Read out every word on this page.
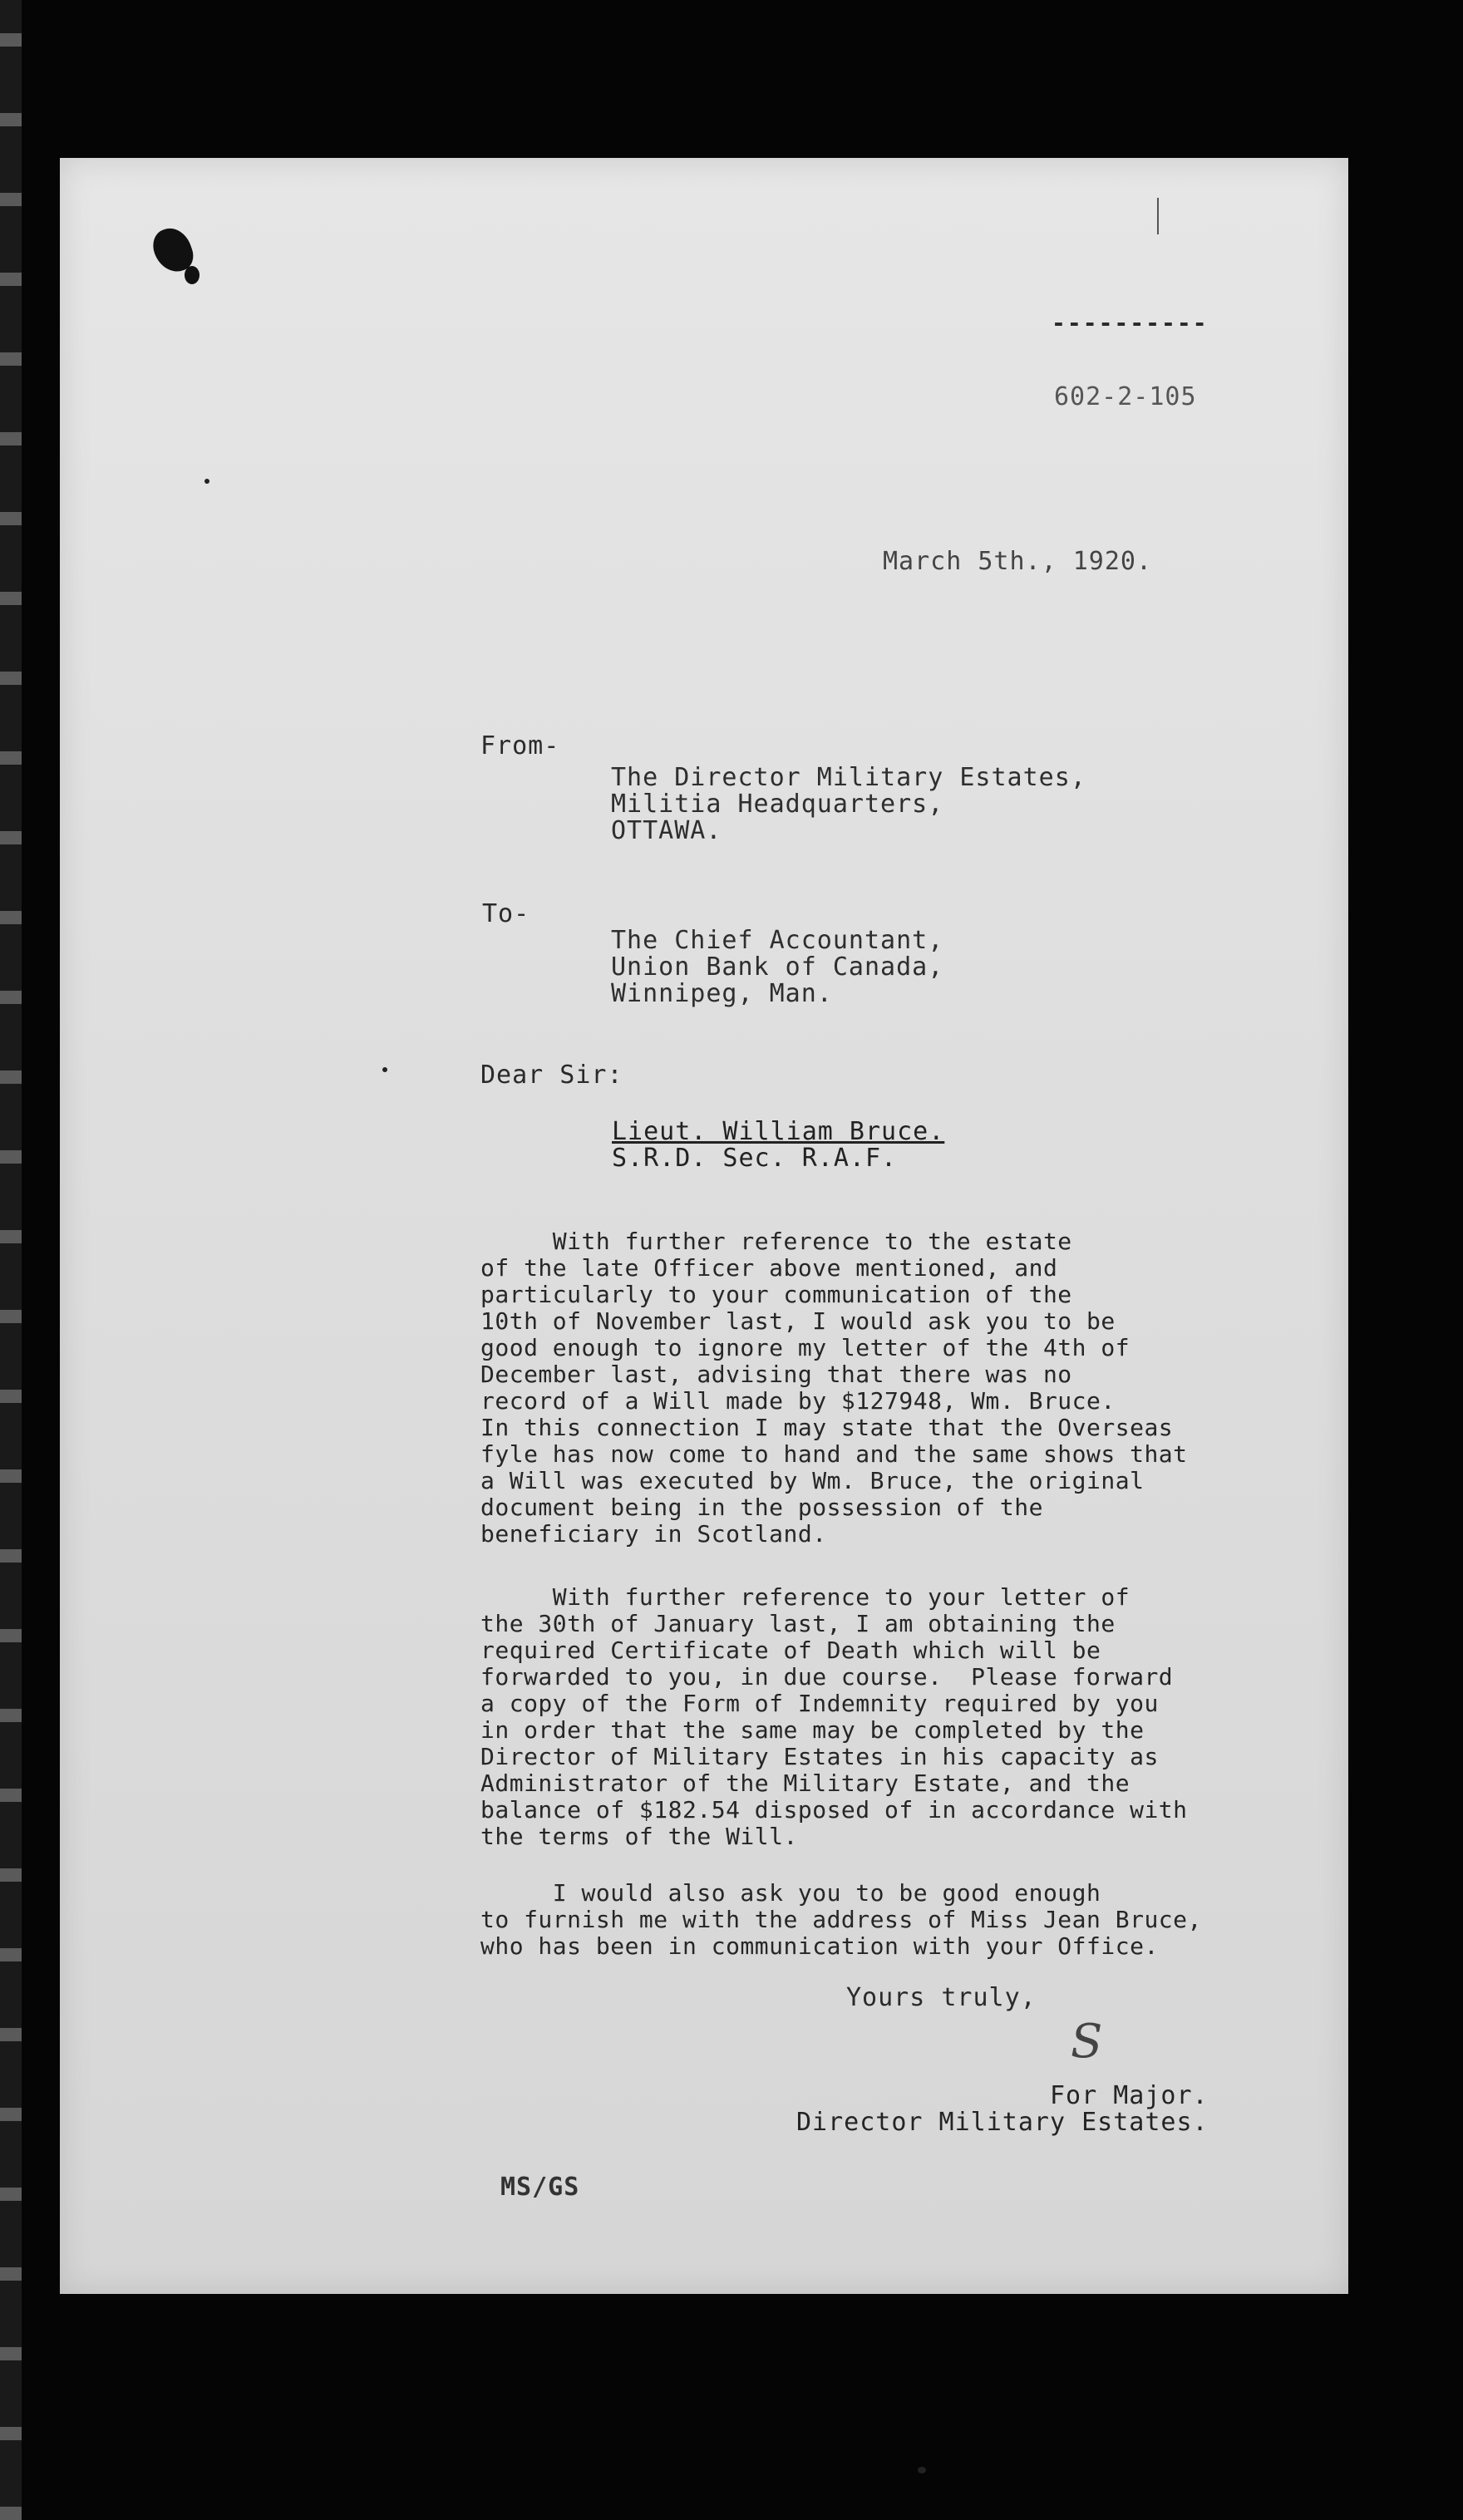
----------
602-2-105
March 5th., 1920.
From-
The Director Military Estates,
Militia Headquarters,
OTTAWA.
To-
The Chief Accountant,
Union Bank of Canada,
Winnipeg, Man.
Dear Sir:
Lieut. William Bruce.
S.R.D. Sec. R.A.F.
With further reference to the estate
of the late Officer above mentioned, and
particularly to your communication of the
10th of November last, I would ask you to be
good enough to ignore my letter of the 4th of
December last, advising that there was no
record of a Will made by $127948, Wm. Bruce.
In this connection I may state that the Overseas
fyle has now come to hand and the same shows that
a Will was executed by Wm. Bruce, the original
document being in the possession of the
beneficiary in Scotland.
With further reference to your letter of
the 30th of January last, I am obtaining the
required Certificate of Death which will be
forwarded to you, in due course.  Please forward
a copy of the Form of Indemnity required by you
in order that the same may be completed by the
Director of Military Estates in his capacity as
Administrator of the Military Estate, and the
balance of $182.54 disposed of in accordance with
the terms of the Will.
I would also ask you to be good enough
to furnish me with the address of Miss Jean Bruce,
who has been in communication with your Office.
Yours truly,
S
For Major.
Director Military Estates.
MS/GS
